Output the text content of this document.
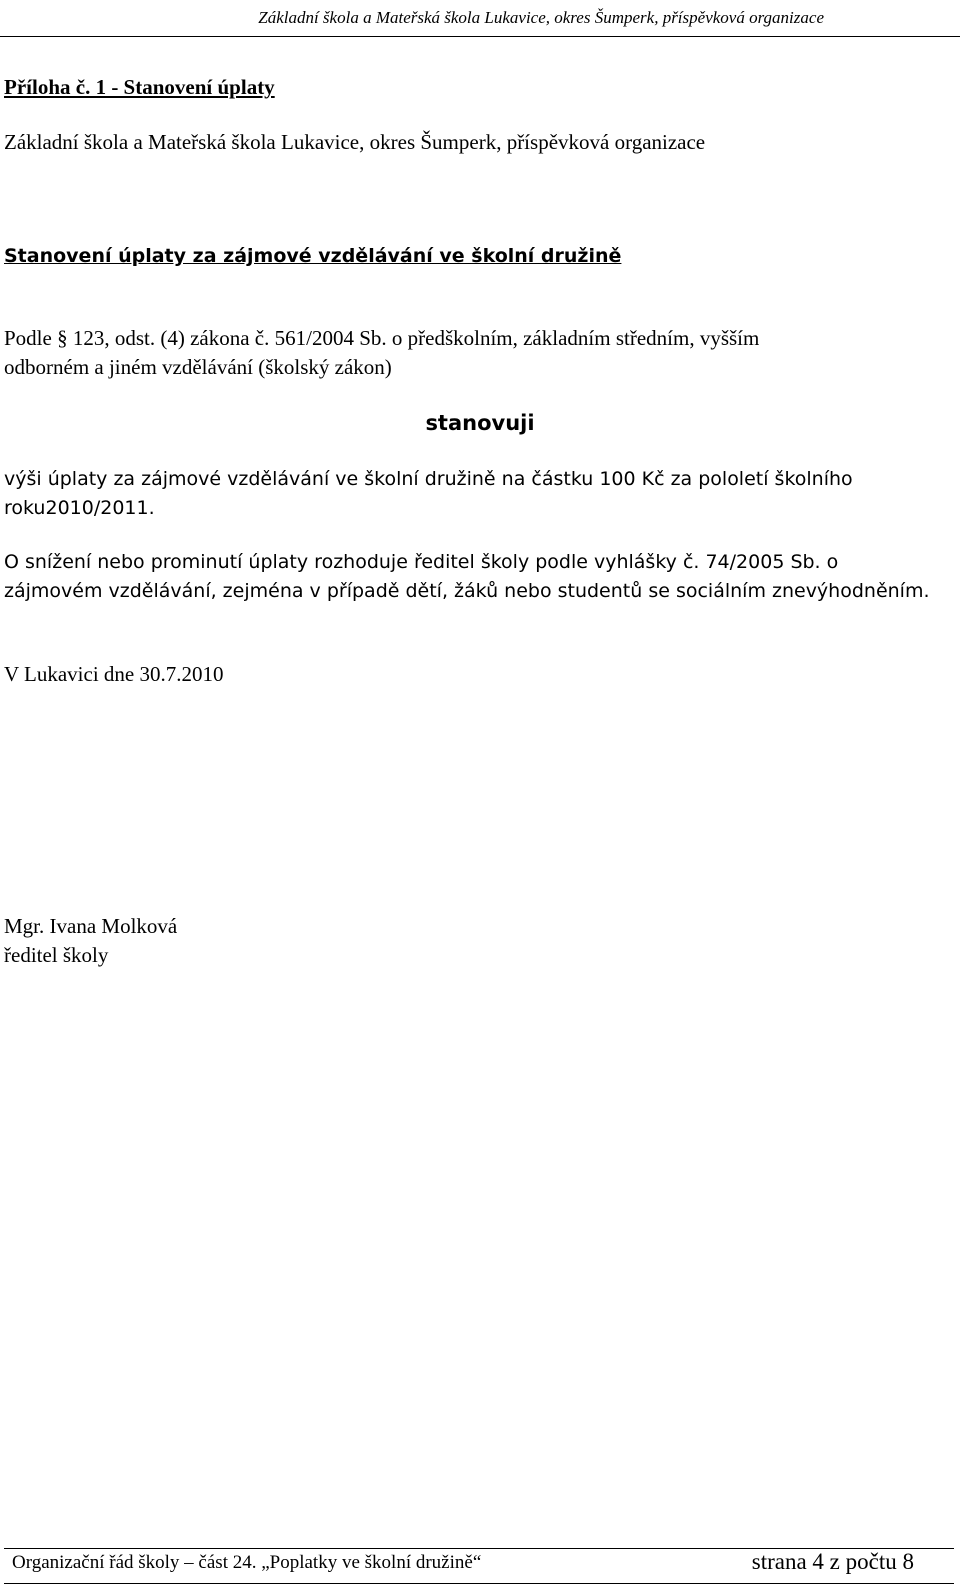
Základní škola a Mateřská škola Lukavice, okres Šumperk, příspěvková organizace
Příloha č. 1 - Stanovení úplaty
Základní škola a Mateřská škola Lukavice, okres Šumperk, příspěvková organizace
Stanovení úplaty za zájmové vzdělávání ve školní družině
Podle § 123, odst. (4) zákona č. 561/2004 Sb. o předškolním, základním středním, vyšším
odborném a jiném vzdělávání (školský zákon)
stanovuji
výši úplaty za zájmové vzdělávání ve školní družině na částku 100 Kč za pololetí školního
roku2010/2011.
O snížení nebo prominutí úplaty rozhoduje ředitel školy podle vyhlášky č. 74/2005 Sb. o
zájmovém vzdělávání, zejména v případě dětí, žáků nebo studentů se sociálním znevýhodněním.
V Lukavici dne 30.7.2010
Mgr. Ivana Molková
ředitel školy
Organizační řád školy – část 24. „Poplatky ve školní družině“	strana 4 z počtu 8
